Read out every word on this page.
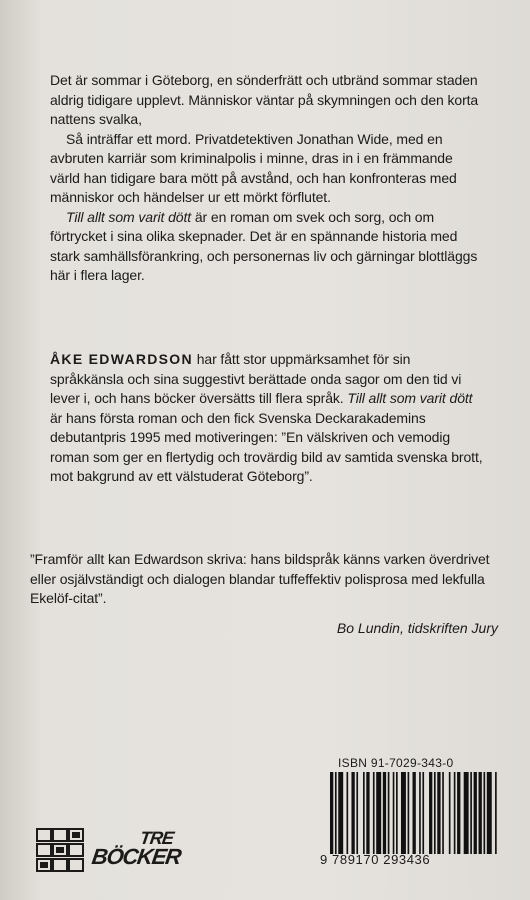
Det är sommar i Göteborg, en sönderfrätt och utbränd sommar staden aldrig tidigare upplevt. Människor väntar på skymningen och den korta nattens svalka,

Så inträffar ett mord. Privatdetektiven Jonathan Wide, med en avbruten karriär som kriminalpolis i minne, dras in i en främmande värld han tidigare bara mött på avstånd, och han konfronteras med människor och händelser ur ett mörkt förflutet.

Till allt som varit dött är en roman om svek och sorg, och om förtrycket i sina olika skepnader. Det är en spännande historia med stark samhällsförankring, och personernas liv och gärningar blottläggs här i flera lager.

ÅKE EDWARDSON har fått stor uppmärksamhet för sin språkkänsla och sina suggestivt berättade onda sagor om den tid vi lever i, och hans böcker översätts till flera språk. Till allt som varit dött är hans första roman och den fick Svenska Deckarakademins debutantpris 1995 med motiveringen: ”En välskriven och vemodig roman som ger en flertydig och trovärdig bild av samtida svenska brott, mot bakgrund av ett välstuderat Göteborg”.

”Framför allt kan Edwardson skriva: hans bildspråk känns varken överdrivet eller osjälvständigt och dialogen blandar tuffeffektiv polisprosa med lekfulla Ekelöf-citat”.

Bo Lundin, tidskriften Jury

ISBN 91-7029-343-0
9 789170 293436
TRE
BÖCKER
